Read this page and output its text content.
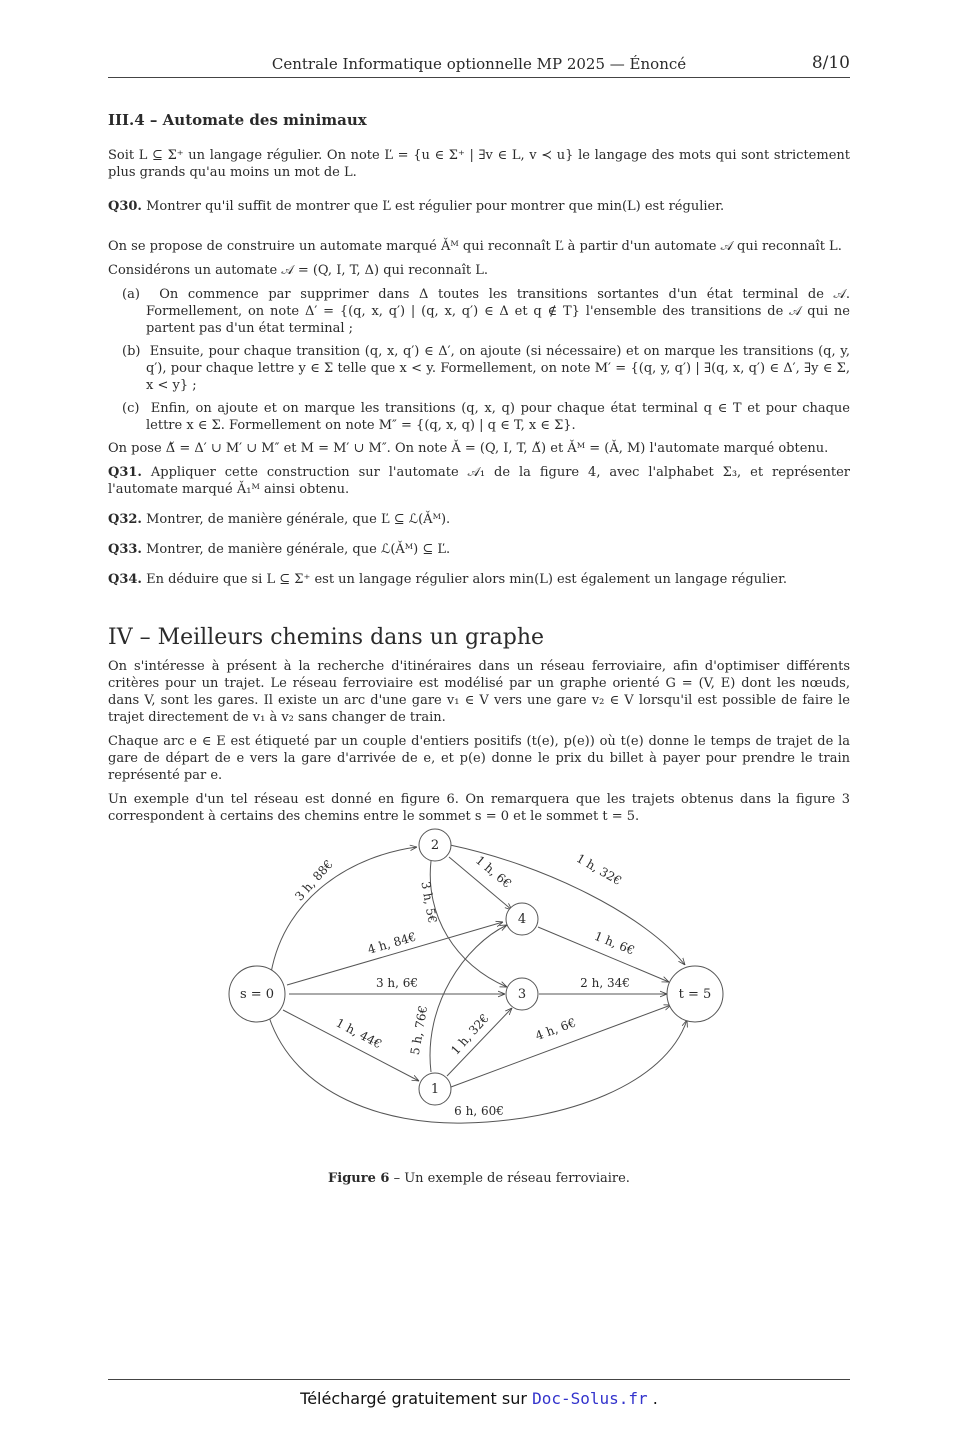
Centrale Informatique optionnelle MP 2025 — Énoncé	8/10
III.4 – Automate des minimaux

Soit L ⊆ Σ⁺ un langage régulier. On note Ľ = {u ∈ Σ⁺ | ∃v ∈ L, v ≺ u} le langage des mots qui sont strictement plus grands qu'au moins un mot de L.

Q30. Montrer qu'il suffit de montrer que Ľ est régulier pour montrer que min(L) est régulier.

On se propose de construire un automate marqué Ǎᴹ qui reconnaît Ľ à partir d'un automate 𝒜 qui reconnaît L.

Considérons un automate 𝒜 = (Q, I, T, Δ) qui reconnaît L.

(a) On commence par supprimer dans Δ toutes les transitions sortantes d'un état terminal de 𝒜. Formellement, on note Δ′ = {(q, x, q′) | (q, x, q′) ∈ Δ et q ∉ T} l'ensemble des transitions de 𝒜 qui ne partent pas d'un état terminal ;
(b) Ensuite, pour chaque transition (q, x, q′) ∈ Δ′, on ajoute (si nécessaire) et on marque les transitions (q, y, q′), pour chaque lettre y ∈ Σ telle que x < y. Formellement, on note M′ = {(q, y, q′) | ∃(q, x, q′) ∈ Δ′, ∃y ∈ Σ, x < y} ;
(c) Enfin, on ajoute et on marque les transitions (q, x, q) pour chaque état terminal q ∈ T et pour chaque lettre x ∈ Σ. Formellement on note M″ = {(q, x, q) | q ∈ T, x ∈ Σ}.

On pose Δ̌ = Δ′ ∪ M′ ∪ M″ et M = M′ ∪ M″. On note Ǎ = (Q, I, T, Δ̌) et Ǎᴹ = (Ǎ, M) l'automate marqué obtenu.

Q31. Appliquer cette construction sur l'automate 𝒜₁ de la figure 4, avec l'alphabet Σ₃, et représenter l'automate marqué Ǎ₁ᴹ ainsi obtenu.
Q32. Montrer, de manière générale, que Ľ ⊆ ℒ(Ǎᴹ).
Q33. Montrer, de manière générale, que ℒ(Ǎᴹ) ⊆ Ľ.
Q34. En déduire que si L ⊆ Σ⁺ est un langage régulier alors min(L) est également un langage régulier.
IV – Meilleurs chemins dans un graphe

On s'intéresse à présent à la recherche d'itinéraires dans un réseau ferroviaire, afin d'optimiser différents critères pour un trajet. Le réseau ferroviaire est modélisé par un graphe orienté G = (V, E) dont les nœuds, dans V, sont les gares. Il existe un arc d'une gare v₁ ∈ V vers une gare v₂ ∈ V lorsqu'il est possible de faire le trajet directement de v₁ à v₂ sans changer de train.

Chaque arc e ∈ E est étiqueté par un couple d'entiers positifs (t(e), p(e)) où t(e) donne le temps de trajet de la gare de départ de e vers la gare d'arrivée de e, et p(e) donne le prix du billet à payer pour prendre le train représenté par e.

Un exemple d'un tel réseau est donné en figure 6. On remarquera que les trajets obtenus dans la figure 3 correspondent à certains des chemins entre le sommet s = 0 et le sommet t = 5.

s = 0
2
4
3
1
t = 5
3 h, 88€	1 h, 6€	1 h, 32€
3 h, 5€
4 h, 84€	1 h, 6€
3 h, 6€	2 h, 34€
1 h, 44€ 5 h, 76€ 1 h, 32€	4 h, 6€
6 h, 60€
Figure 6 – Un exemple de réseau ferroviaire.
Téléchargé gratuitement sur Doc-Solus.fr .
